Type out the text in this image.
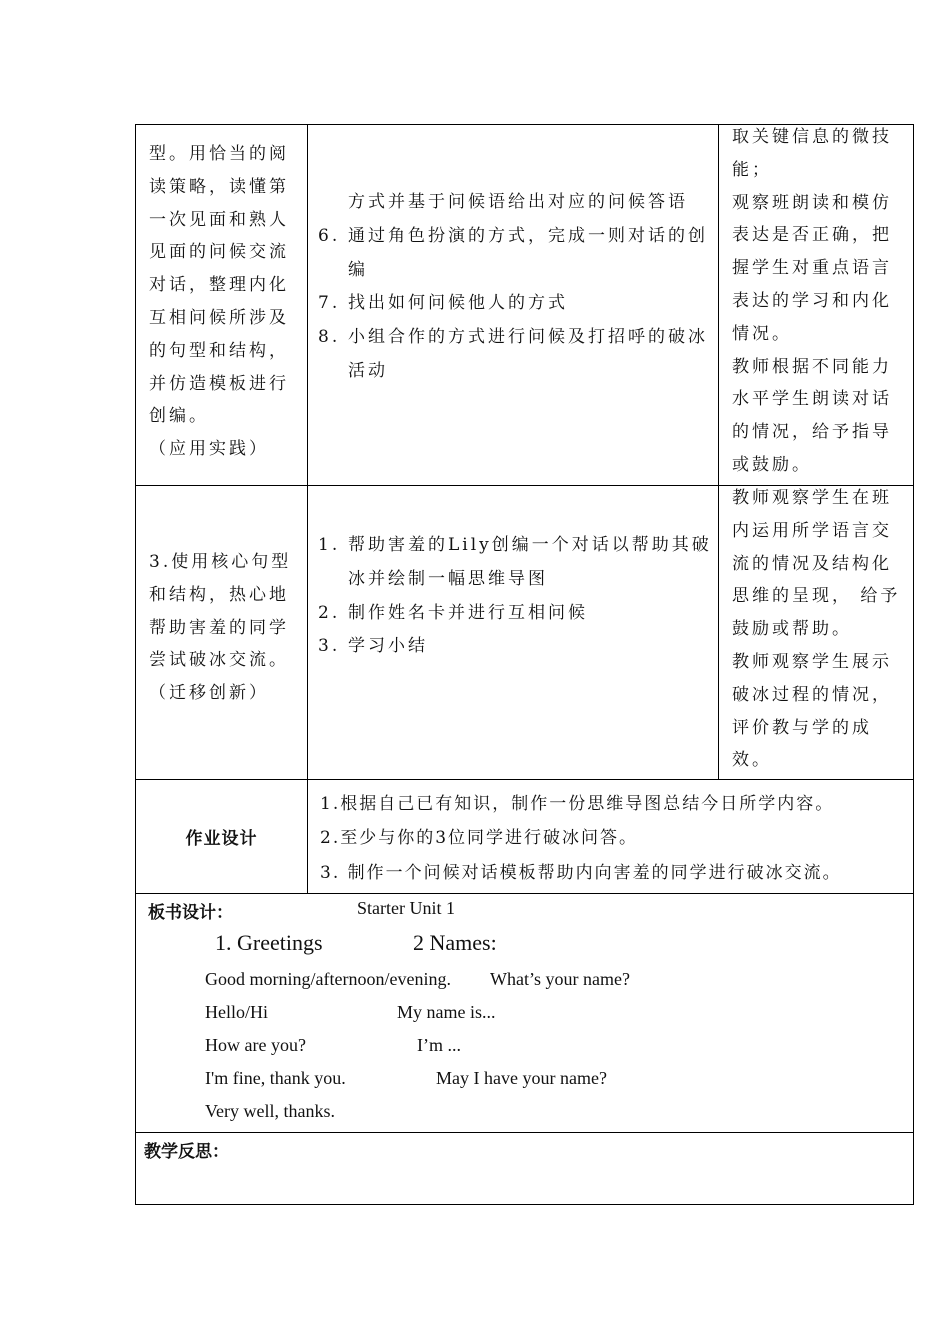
型。用恰当的阅

读策略，读懂第

一次见面和熟人

见面的问候交流

对话，整理内化

互相问候所涉及

的句型和结构，

并仿造模板进行

创编。

（应用实践）

方式并基于问候语给出对应的问候答语
6. 通过角色扮演的方式，完成一则对话的创
编
7. 找出如何问候他人的方式
8. 小组合作的方式进行问候及打招呼的破冰
活动

取关键信息的微技

能；

观察班朗读和模仿

表达是否正确，把

握学生对重点语言

表达的学习和内化

情况。

教师根据不同能力

水平学生朗读对话

的情况，给予指导

或鼓励。

3.使用核心句型

和结构，热心地

帮助害羞的同学

尝试破冰交流。

（迁移创新）

1. 帮助害羞的Lily创编一个对话以帮助其破
冰并绘制一幅思维导图
2. 制作姓名卡并进行互相问候
3. 学习小结

教师观察学生在班

内运用所学语言交

流的情况及结构化

思维的呈现， 给予

鼓励或帮助。

教师观察学生展示

破冰过程的情况，

评价教与学的成

效。

作业设计
1.根据自己已有知识，制作一份思维导图总结今日所学内容。
2.至少与你的3位同学进行破冰问答。
3. 制作一个问候对话模板帮助内向害羞的同学进行破冰交流。
板书设计：	Starter Unit 1
1. Greetings	2 Names:
Good morning/afternoon/evening.
Hello/Hi
How are you?
I'm fine, thank you.
Very well, thanks.
What’s your name?
My name is...
I’m ...
May I have your name?
教学反思：
